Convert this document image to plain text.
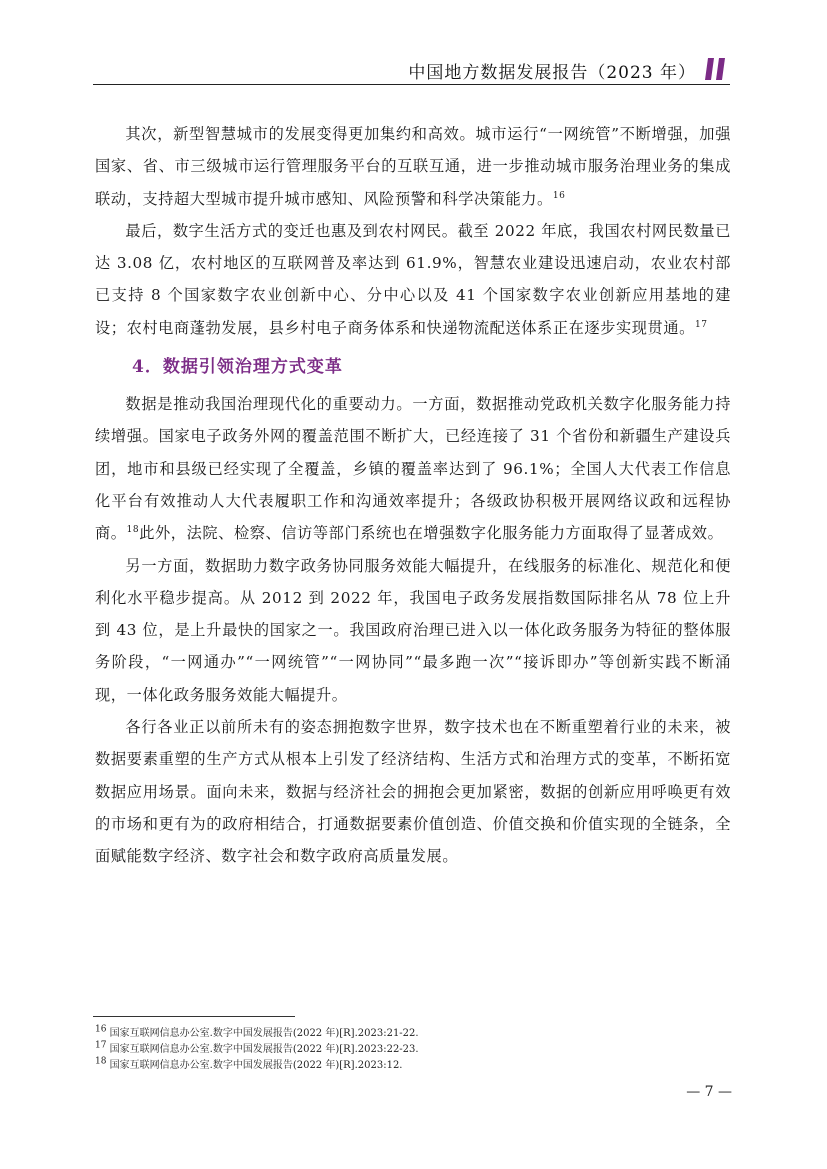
中国地方数据发展报告（2023 年）

其次，新型智慧城市的发展变得更加集约和高效。城市运行“一网统管”不断增强，加强国家、省、市三级城市运行管理服务平台的互联互通，进一步推动城市服务治理业务的集成联动，支持超大型城市提升城市感知、风险预警和科学决策能力。$^{16}$

最后，数字生活方式的变迁也惠及到农村网民。截至 2022 年底，我国农村网民数量已达 3.08 亿，农村地区的互联网普及率达到 61.9%，智慧农业建设迅速启动，农业农村部已支持 8 个国家数字农业创新中心、分中心以及 41 个国家数字农业创新应用基地的建设；农村电商蓬勃发展，县乡村电子商务体系和快递物流配送体系正在逐步实现贯通。$^{17}$

4．数据引领治理方式变革

数据是推动我国治理现代化的重要动力。一方面，数据推动党政机关数字化服务能力持续增强。国家电子政务外网的覆盖范围不断扩大，已经连接了 31 个省份和新疆生产建设兵团，地市和县级已经实现了全覆盖，乡镇的覆盖率达到了 96.1%；全国人大代表工作信息化平台有效推动人大代表履职工作和沟通效率提升；各级政协积极开展网络议政和远程协商。$^{18}$此外，法院、检察、信访等部门系统也在增强数字化服务能力方面取得了显著成效。

另一方面，数据助力数字政务协同服务效能大幅提升，在线服务的标准化、规范化和便利化水平稳步提高。从 2012 到 2022 年，我国电子政务发展指数国际排名从 78 位上升到 43 位，是上升最快的国家之一。我国政府治理已进入以一体化政务服务为特征的整体服务阶段，“一网通办”“一网统管”“一网协同”“最多跑一次”“接诉即办”等创新实践不断涌现，一体化政务服务效能大幅提升。

各行各业正以前所未有的姿态拥抱数字世界，数字技术也在不断重塑着行业的未来，被数据要素重塑的生产方式从根本上引发了经济结构、生活方式和治理方式的变革，不断拓宽数据应用场景。面向未来，数据与经济社会的拥抱会更加紧密，数据的创新应用呼唤更有效的市场和更有为的政府相结合，打通数据要素价值创造、价值交换和价值实现的全链条，全面赋能数字经济、数字社会和数字政府高质量发展。

$^{16}$ 国家互联网信息办公室.数字中国发展报告(2022 年)[R].2023:21-22.
$^{17}$ 国家互联网信息办公室.数字中国发展报告(2022 年)[R].2023:22-23.
$^{18}$ 国家互联网信息办公室.数字中国发展报告(2022 年)[R].2023:12.
— 7 —
